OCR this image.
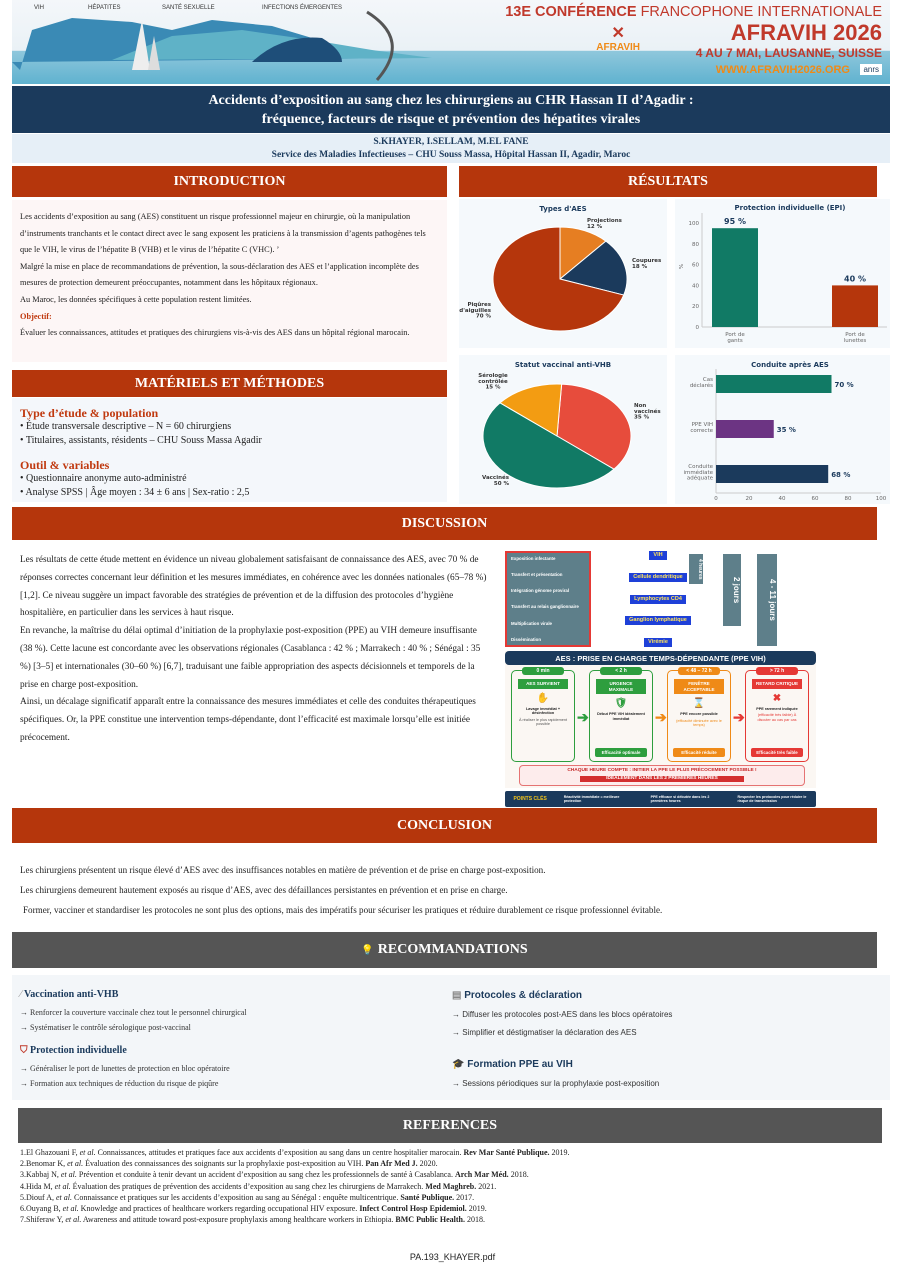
VIH	HÉPATITES	SANTÉ SEXUELLE	INFECTIONS ÉMERGENTES	13E CONFÉRENCE FRANCOPHONE INTERNATIONALE
AFRAVIH 2026
4 AU 7 MAI, LAUSANNE, SUISSE
WWW.AFRAVIH2026.ORG	anrs
✕
AFRAVIH
Accidents d’exposition au sang chez les chirurgiens au CHR Hassan II d’Agadir :
fréquence, facteurs de risque et prévention des hépatites virales
S.KHAYER, I.SELLAM, M.EL FANE
Service des Maladies Infectieuses – CHU Souss Massa, Hôpital Hassan II, Agadir, Maroc
INTRODUCTION	RÉSULTATS

Les accidents d’exposition au sang (AES) constituent un risque professionnel majeur en chirurgie, où la manipulation d’instruments tranchants et le contact direct avec le sang exposent les praticiens à la transmission d’agents pathogènes tels que le VIH, le virus de l’hépatite B (VHB) et le virus de l’hépatite C (VHC). ’

Malgré la mise en place de recommandations de prévention, la sous-déclaration des AES et l’application incomplète des mesures de protection demeurent préoccupantes, notamment dans les hôpitaux régionaux.

Au Maroc, les données spécifiques à cette population restent limitées.

Objectif:

Évaluer les connaissances, attitudes et pratiques des chirurgiens vis-à-vis des AES dans un hôpital régional marocain.

MATÉRIELS ET MÉTHODES
Type d’étude & population
• Étude transversale descriptive – N = 60 chirurgiens
• Titulaires, assistants, résidents – CHU Souss Massa Agadir
Outil & variables
• Questionnaire anonyme auto-administré
• Analyse SPSS | Âge moyen : 34 ± 6 ans | Sex-ratio : 2,5
Types d'AES
Projections
12 %
Coupures
18 %
Piqûres
d'aiguilles
70 %
Protection individuelle (EPI)
0
20
40
60
80
100
%
95 %
Port de
gants
40 %
Port de
lunettes
Statut vaccinal anti-VHB
Non
vaccinés
35 %
Vaccinés
50 %
Sérologie
contrôlée
15 %
Conduite après AES
0	20	40	60	80	100
70 %
Cas
déclarés
35 %
PPE VIH
correcte
68 %
Conduite
immédiate
adéquate
DISCUSSION

Les résultats de cette étude mettent en évidence un niveau globalement satisfaisant de connaissance des AES, avec 70 % de réponses correctes concernant leur définition et les mesures immédiates, en cohérence avec les données nationales (65–78 %) [1,2]. Ce niveau suggère un impact favorable des stratégies de prévention et de la diffusion des protocoles d’hygiène hospitalière, en particulier dans les services à haut risque.

En revanche, la maîtrise du délai optimal d’initiation de la prophylaxie post-exposition (PPE) au VIH demeure insuffisante (38 %). Cette lacune est concordante avec les observations régionales (Casablanca : 42 % ; Marrakech : 40 % ; Sénégal : 35 %) [3–5] et internationales (30–60 %) [6,7], traduisant une faible appropriation des aspects décisionnels et temporels de la prise en charge post-exposition.

Ainsi, un décalage significatif apparaît entre la connaissance des mesures immédiates et celle des conduites thérapeutiques spécifiques. Or, la PPE constitue une intervention temps-dépendante, dont l’efficacité est maximale lorsqu’elle est initiée précocement.

Exposition infectante
Transfert et présentation
Intégration génome proviral
Transfert au relais ganglionnaire
Multiplication virale
Dissémination
VIH
Cellule dendritique
Lymphocytes CD4
Ganglion lymphatique
Virémie
4 heures
2 jours	4 - 11 jours
AES : PRISE EN CHARGE TEMPS-DÉPENDANTE (PPE VIH)
0 min
AES SURVIENT
✋
Lavage immédiat + désinfection
À réaliser le plus rapidement possible	➔
< 2 h
URGENCE MAXIMALE
🛡
Début PPE VIH idéalement immédiat
Efficacité optimale
➔
< 48 – 72 h
FENÊTRE ACCEPTABLE
⌛
PPE encore possible
(efficacité diminuée avec le temps)
Efficacité réduite
➔
> 72 h
RETARD CRITIQUE
✖
PPE rarement indiquée
(efficacité très faible) À discuter au cas par cas
Efficacité très faible
CHAQUE HEURE COMPTE : INITIER LA PPE LE PLUS PRÉCOCEMENT POSSIBLE !
IDÉALEMENT DANS LES 2 PREMIÈRES HEURES
POINTS CLÉS	Réactivité immédiate = meilleure protection
PPE efficace si débutée dans les 2 premières heures
Respecter les protocoles pour réduire le risque de transmission
CONCLUSION

Les chirurgiens présentent un risque élevé d’AES avec des insuffisances notables en matière de prévention et de prise en charge post-exposition.

Les chirurgiens demeurent hautement exposés au risque d’AES, avec des défaillances persistantes en prévention et en prise en charge.

Former, vacciner et standardiser les protocoles ne sont plus des options, mais des impératifs pour sécuriser les pratiques et réduire durablement ce risque professionnel évitable.

💡 RECOMMANDATIONS
⁄ Vaccination anti-VHB
→ Renforcer la couverture vaccinale chez tout le personnel chirurgical
→ Systématiser le contrôle sérologique post-vaccinal
⛉ Protection individuelle
→ Généraliser le port de lunettes de protection en bloc opératoire
→ Formation aux techniques de réduction du risque de piqûre
▤ Protocoles & déclaration
→ Diffuser les protocoles post-AES dans les blocs opératoires
→ Simplifier et déstigmatiser la déclaration des AES
🎓 Formation PPE au VIH
→ Sessions périodiques sur la prophylaxie post-exposition
REFERENCES
1.El Ghazouani F, et al. Connaissances, attitudes et pratiques face aux accidents d’exposition au sang dans un centre hospitalier marocain. Rev Mar Santé Publique. 2019.
2.Benomar K, et al. Évaluation des connaissances des soignants sur la prophylaxie post-exposition au VIH. Pan Afr Med J. 2020.
3.Kabbaj N, et al. Prévention et conduite à tenir devant un accident d’exposition au sang chez les professionnels de santé à Casablanca. Arch Mar Méd. 2018.
4.Hida M, et al. Évaluation des pratiques de prévention des accidents d’exposition au sang chez les chirurgiens de Marrakech. Med Maghreb. 2021.
5.Diouf A, et al. Connaissance et pratiques sur les accidents d’exposition au sang au Sénégal : enquête multicentrique. Santé Publique. 2017.
6.Ouyang B, et al. Knowledge and practices of healthcare workers regarding occupational HIV exposure. Infect Control Hosp Epidemiol. 2019.
7.Shiferaw Y, et al. Awareness and attitude toward post-exposure prophylaxis among healthcare workers in Ethiopia. BMC Public Health. 2018.
PA.193_KHAYER.pdf
